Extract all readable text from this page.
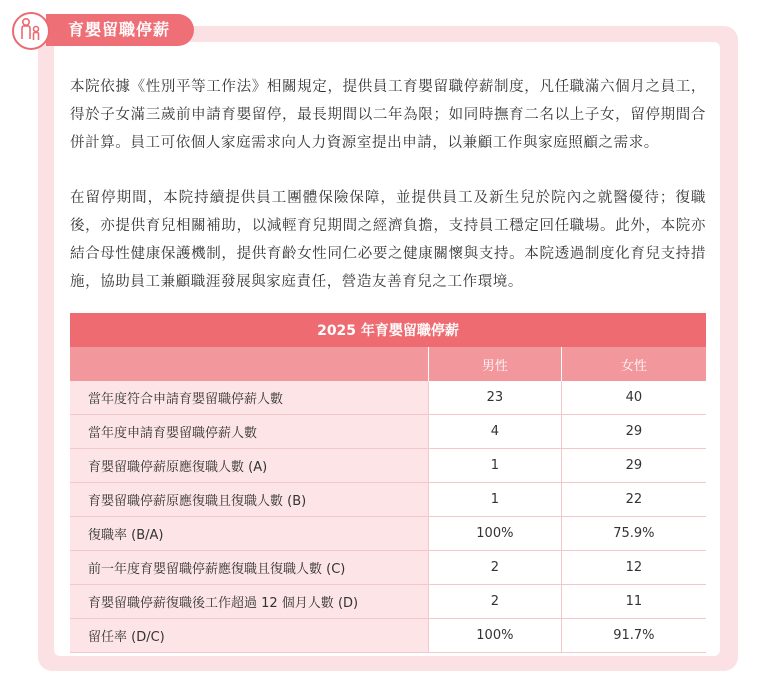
育嬰留職停薪

本院依據《性別平等工作法》相關規定，提供員工育嬰留職停薪制度，凡任職滿六個月之員工，得於子女滿三歲前申請育嬰留停，最長期間以二年為限；如同時撫育二名以上子女，留停期間合併計算。員工可依個人家庭需求向人力資源室提出申請，以兼顧工作與家庭照顧之需求。

在留停期間，本院持續提供員工團體保險保障，並提供員工及新生兒於院內之就醫優待；復職後，亦提供育兒相關補助，以減輕育兒期間之經濟負擔，支持員工穩定回任職場。此外，本院亦結合母性健康保護機制，提供育齡女性同仁必要之健康關懷與支持。本院透過制度化育兒支持措施，協助員工兼顧職涯發展與家庭責任，營造友善育兒之工作環境。

2025 年育嬰留職停薪		
	男性	女性
當年度符合申請育嬰留職停薪人數	23	40
當年度申請育嬰留職停薪人數	4	29
育嬰留職停薪原應復職人數 (A)	1	29
育嬰留職停薪原應復職且復職人數 (B)	1	22
復職率 (B/A)	100%	75.9%
前一年度育嬰留職停薪應復職且復職人數 (C)	2	12
育嬰留職停薪復職後工作超過 12 個月人數 (D)	2	11
留任率 (D/C)	100%	91.7%
